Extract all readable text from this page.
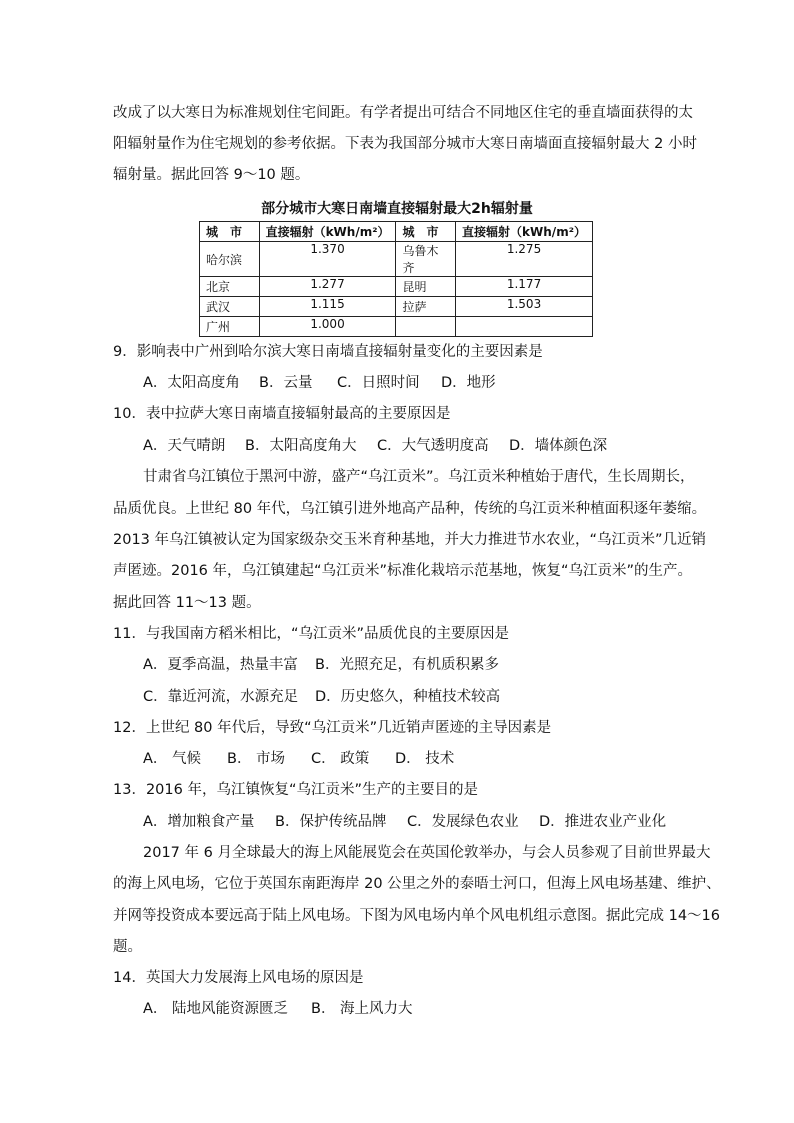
改成了以大寒日为标准规划住宅间距。有学者提出可结合不同地区住宅的垂直墙面获得的太
阳辐射量作为住宅规划的参考依据。下表为我国部分城市大寒日南墙面直接辐射最大 2 小时
辐射量。据此回答 9～10 题。
部分城市大寒日南墙直接辐射最大2h辐射量
城　市	直接辐射（kWh/m²）	城　市	直接辐射（kWh/m²）
哈尔滨	1.370	乌鲁木齐	1.275
北京	1.277	昆明	1.177
武汉	1.115	拉萨	1.503
广州	1.000		
9．影响表中广州到哈尔滨大寒日南墙直接辐射量变化的主要因素是
A．太阳高度角 B．云量 C．日照时间 D．地形
10．表中拉萨大寒日南墙直接辐射最高的主要原因是
A．天气晴朗 B．太阳高度角大 C．大气透明度高 D．墙体颜色深
甘肃省乌江镇位于黑河中游，盛产“乌江贡米”。乌江贡米种植始于唐代，生长周期长，
品质优良。上世纪 80 年代，乌江镇引进外地高产品种，传统的乌江贡米种植面积逐年萎缩。
2013 年乌江镇被认定为国家级杂交玉米育种基地，并大力推进节水农业，“乌江贡米”几近销
声匿迹。2016 年，乌江镇建起“乌江贡米”标准化栽培示范基地，恢复“乌江贡米”的生产。
据此回答 11～13 题。
11．与我国南方稻米相比，“乌江贡米”品质优良的主要原因是
A．夏季高温，热量丰富 B．光照充足，有机质积累多
C．靠近河流，水源充足 D．历史悠久，种植技术较高
12．上世纪 80 年代后，导致“乌江贡米”几近销声匿迹的主导因素是
A． 气候 B． 市场 C． 政策 D． 技术
13．2016 年，乌江镇恢复“乌江贡米”生产的主要目的是
A．增加粮食产量 B．保护传统品牌 C．发展绿色农业 D．推进农业产业化
2017 年 6 月全球最大的海上风能展览会在英国伦敦举办，与会人员参观了目前世界最大
的海上风电场，它位于英国东南距海岸 20 公里之外的泰晤士河口，但海上风电场基建、维护、
并网等投资成本要远高于陆上风电场。下图为风电场内单个风电机组示意图。据此完成 14～16
题。
14．英国大力发展海上风电场的原因是
A． 陆地风能资源匮乏 B． 海上风力大
